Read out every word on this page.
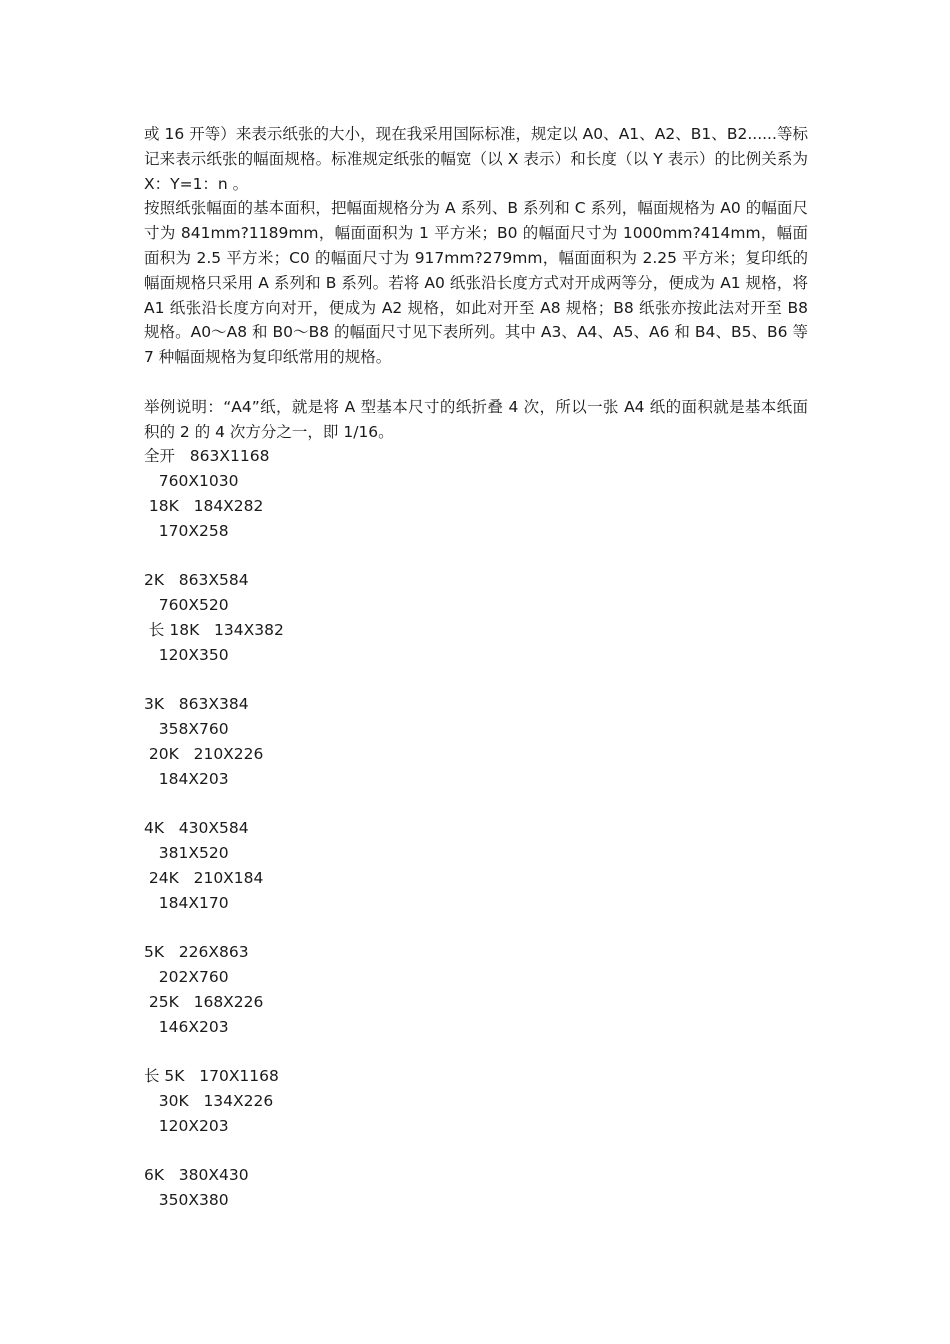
或 16 开等）来表示纸张的大小，现在我采用国际标准，规定以 A0、A1、A2、B1、B2......等标记来表示纸张的幅面规格。标准规定纸张的幅宽（以 X 表示）和长度（以 Y 表示）的比例关系为 X：Y=1：n 。

按照纸张幅面的基本面积，把幅面规格分为 A 系列、B 系列和 C 系列，幅面规格为 A0 的幅面尺寸为 841mm?1189mm，幅面面积为 1 平方米；B0 的幅面尺寸为 1000mm?414mm，幅面面积为 2.5 平方米；C0 的幅面尺寸为 917mm?279mm，幅面面积为 2.25 平方米；复印纸的幅面规格只采用 A 系列和 B 系列。若将 A0 纸张沿长度方式对开成两等分，便成为 A1 规格，将 A1 纸张沿长度方向对开，便成为 A2 规格，如此对开至 A8 规格；B8 纸张亦按此法对开至 B8 规格。A0～A8 和 B0～B8 的幅面尺寸见下表所列。其中 A3、A4、A5、A6 和 B4、B5、B6 等 7 种幅面规格为复印纸常用的规格。

举例说明：“A4”纸，就是将 A 型基本尺寸的纸折叠 4 次，所以一张 A4 纸的面积就是基本纸面积的 2 的 4 次方分之一，即 1/16。

全开   863X1168
760X1030
18K   184X282
170X258
2K   863X584
760X520
长 18K   134X382
120X350
3K   863X384
358X760
20K   210X226
184X203
4K   430X584
381X520
24K   210X184
184X170
5K   226X863
202X760
25K   168X226
146X203
长 5K   170X1168
30K   134X226
120X203
6K   380X430
350X380
